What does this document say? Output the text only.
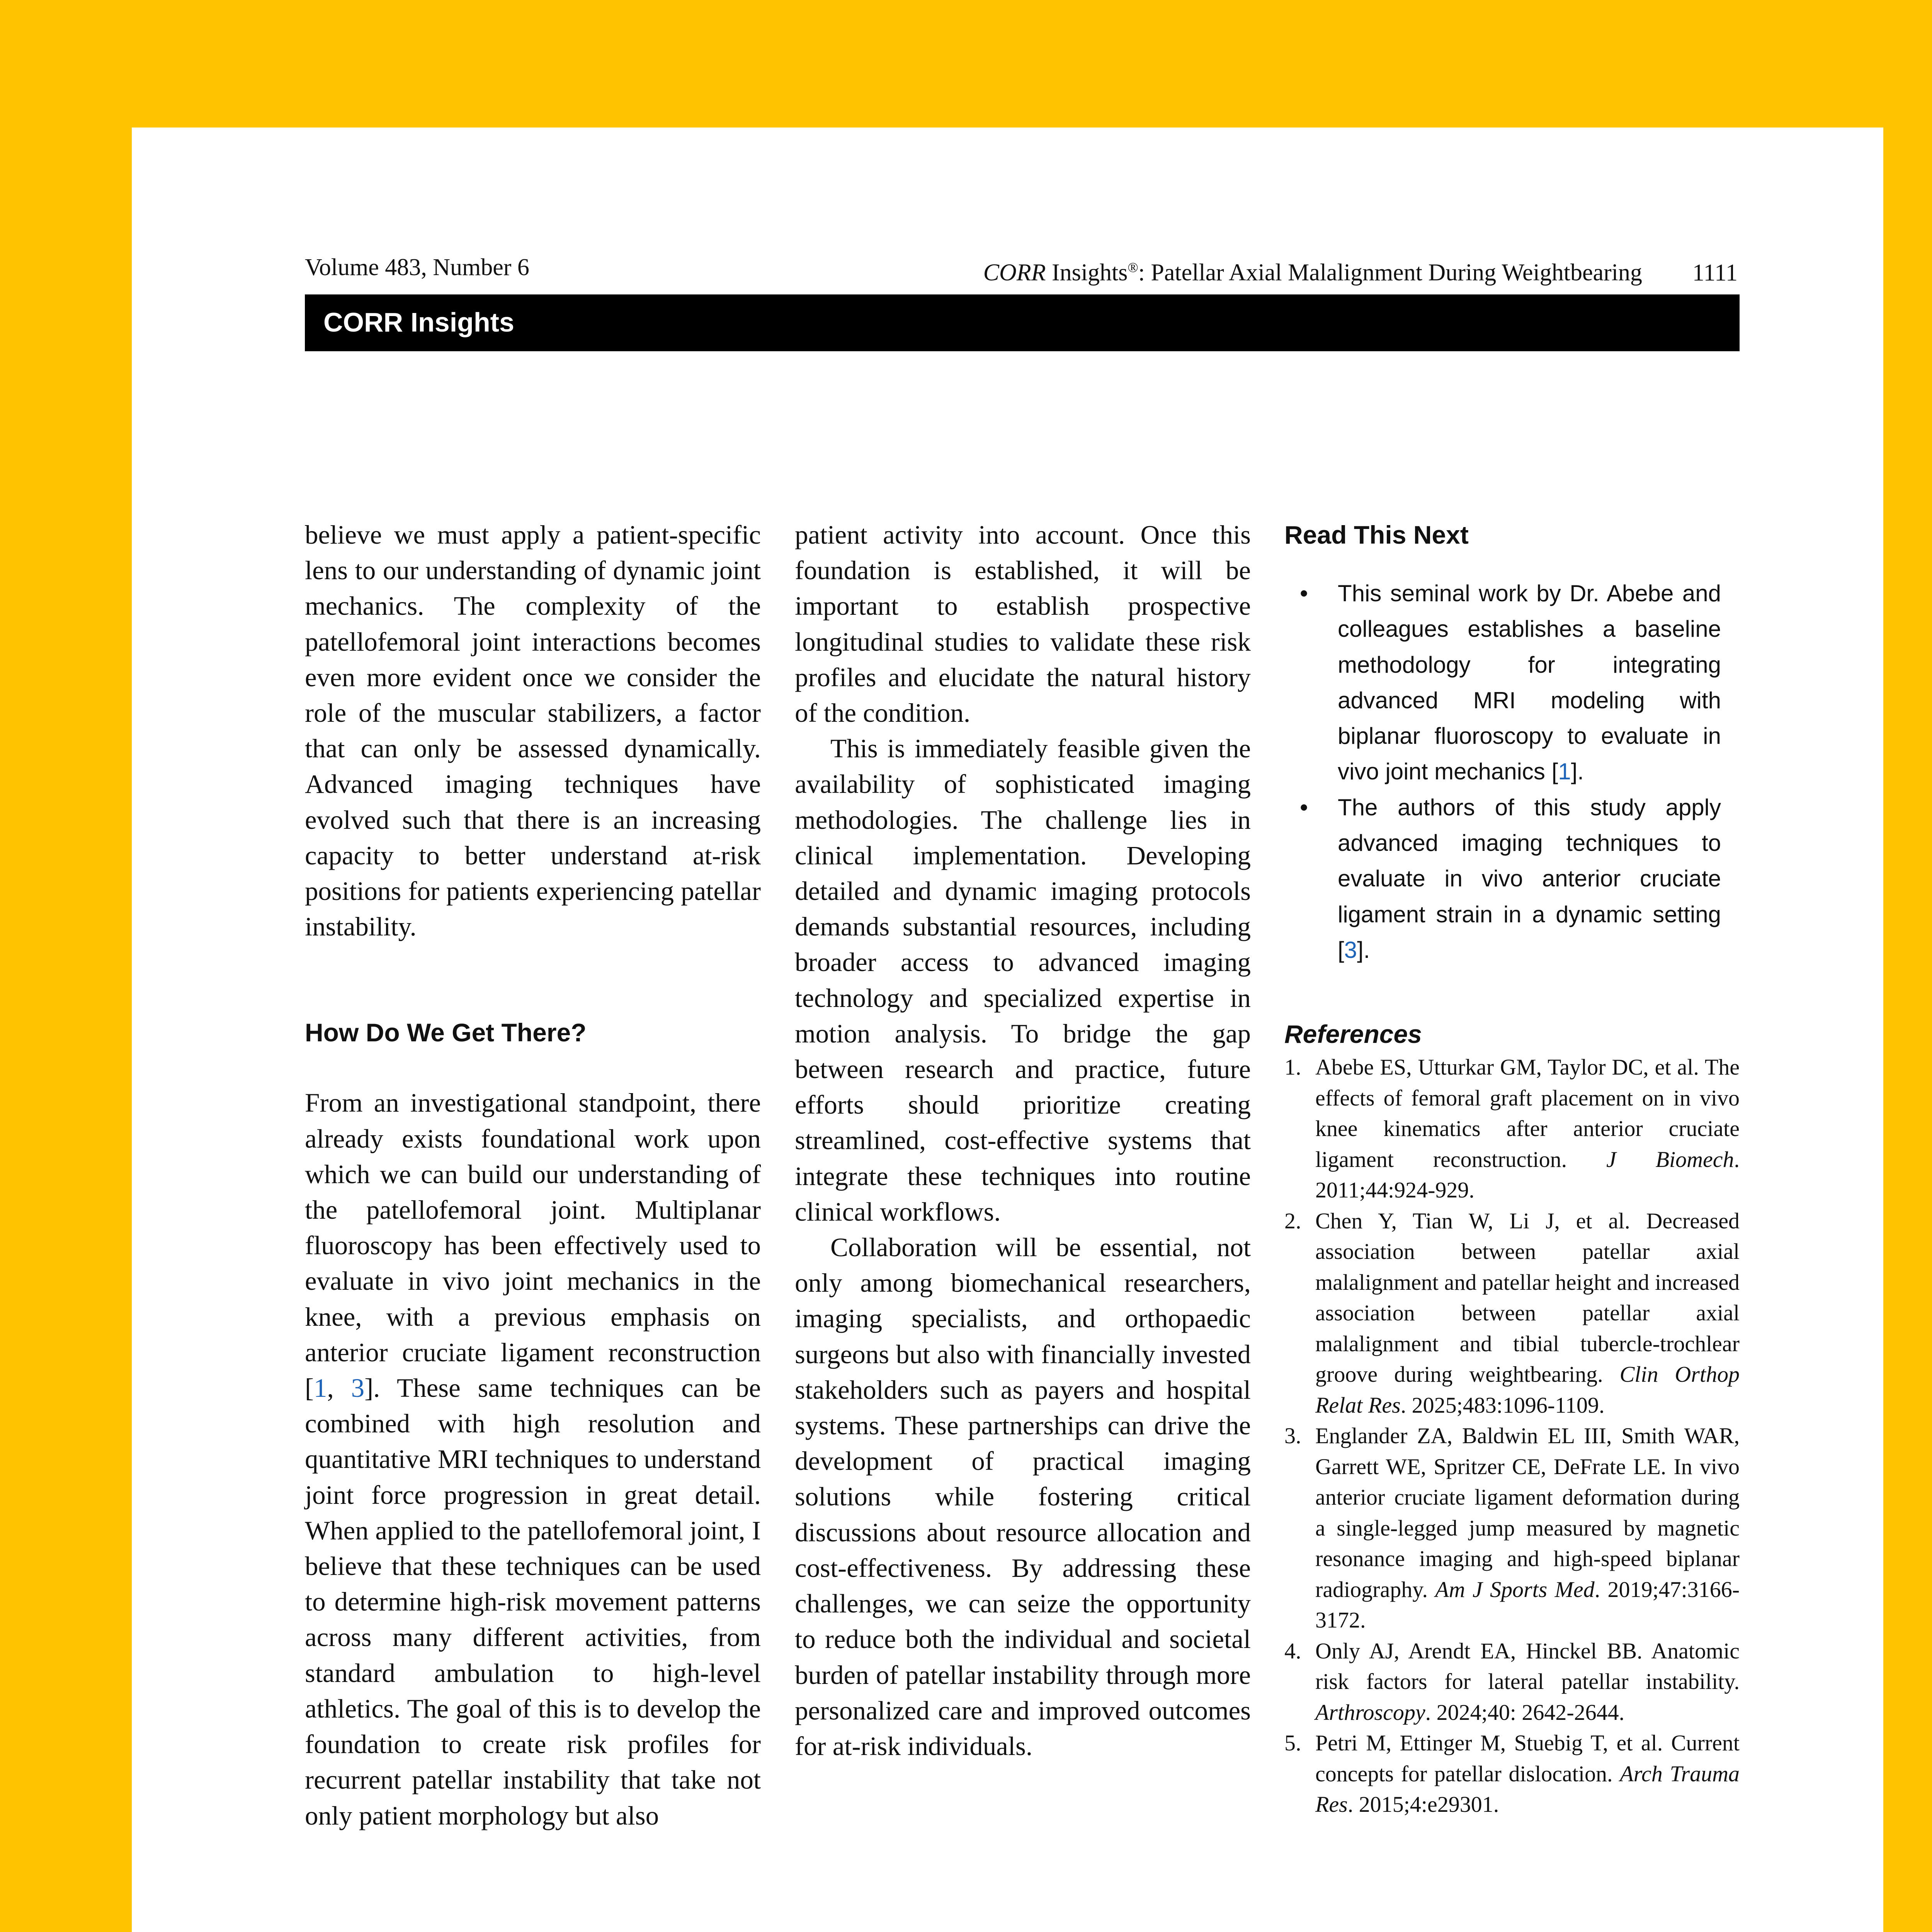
Volume 483, Number 6	CORR Insights®: Patellar Axial Malalignment During Weightbearing 1111
CORR Insights

believe we must apply a patient-specific lens to our understanding of dynamic joint mechanics. The complexity of the patellofemoral joint interactions becomes even more evident once we consider the role of the muscular stabilizers, a factor that can only be assessed dynamically. Advanced imaging techniques have evolved such that there is an increasing capacity to better understand at-risk positions for patients experiencing patellar instability.

How Do We Get There?

From an investigational standpoint, there already exists foundational work upon which we can build our understanding of the patellofemoral joint. Multiplanar fluoroscopy has been effectively used to evaluate in vivo joint mechanics in the knee, with a previous emphasis on anterior cruciate ligament reconstruction [1, 3]. These same techniques can be combined with high resolution and quantitative MRI techniques to understand joint force progression in great detail. When applied to the patellofemoral joint, I believe that these techniques can be used to determine high-risk movement patterns across many different activities, from standard ambulation to high-level athletics. The goal of this is to develop the foundation to create risk profiles for recurrent patellar instability that take not only patient morphology but also

patient activity into account. Once this foundation is established, it will be important to establish prospective longitudinal studies to validate these risk profiles and elucidate the natural history of the condition.

This is immediately feasible given the availability of sophisticated imaging methodologies. The challenge lies in clinical implementation. Developing detailed and dynamic imaging protocols demands substantial resources, including broader access to advanced imaging technology and specialized expertise in motion analysis. To bridge the gap between research and practice, future efforts should prioritize creating streamlined, cost-effective systems that integrate these techniques into routine clinical workflows.

Collaboration will be essential, not only among biomechanical researchers, imaging specialists, and orthopaedic surgeons but also with financially invested stakeholders such as payers and hospital systems. These partnerships can drive the development of practical imaging solutions while fostering critical discussions about resource allocation and cost-effectiveness. By addressing these challenges, we can seize the opportunity to reduce both the individual and societal burden of patellar instability through more personalized care and improved outcomes for at-risk individuals.

Read This Next
• This seminal work by Dr. Abebe and colleagues establishes a baseline methodology for integrating advanced MRI modeling with biplanar fluoroscopy to evaluate in vivo joint mechanics [1].
• The authors of this study apply advanced imaging techniques to evaluate in vivo anterior cruciate ligament strain in a dynamic setting [3].
References
1. Abebe ES, Utturkar GM, Taylor DC, et al. The effects of femoral graft placement on in vivo knee kinematics after anterior cruciate ligament reconstruction. J Biomech. 2011;44:924-929.
2. Chen Y, Tian W, Li J, et al. Decreased association between patellar axial malalignment and patellar height and increased association between patellar axial malalignment and tibial tubercle-trochlear groove during weightbearing. Clin Orthop Relat Res. 2025;483:1096-1109.
3. Englander ZA, Baldwin EL III, Smith WAR, Garrett WE, Spritzer CE, DeFrate LE. In vivo anterior cruciate ligament deformation during a single-legged jump measured by magnetic resonance imaging and high-speed biplanar radiography. Am J Sports Med. 2019;47:3166-3172.
4. Only AJ, Arendt EA, Hinckel BB. Anatomic risk factors for lateral patellar instability. Arthroscopy. 2024;40: 2642-2644.
5. Petri M, Ettinger M, Stuebig T, et al. Current concepts for patellar dislocation. Arch Trauma Res. 2015;4:e29301.
